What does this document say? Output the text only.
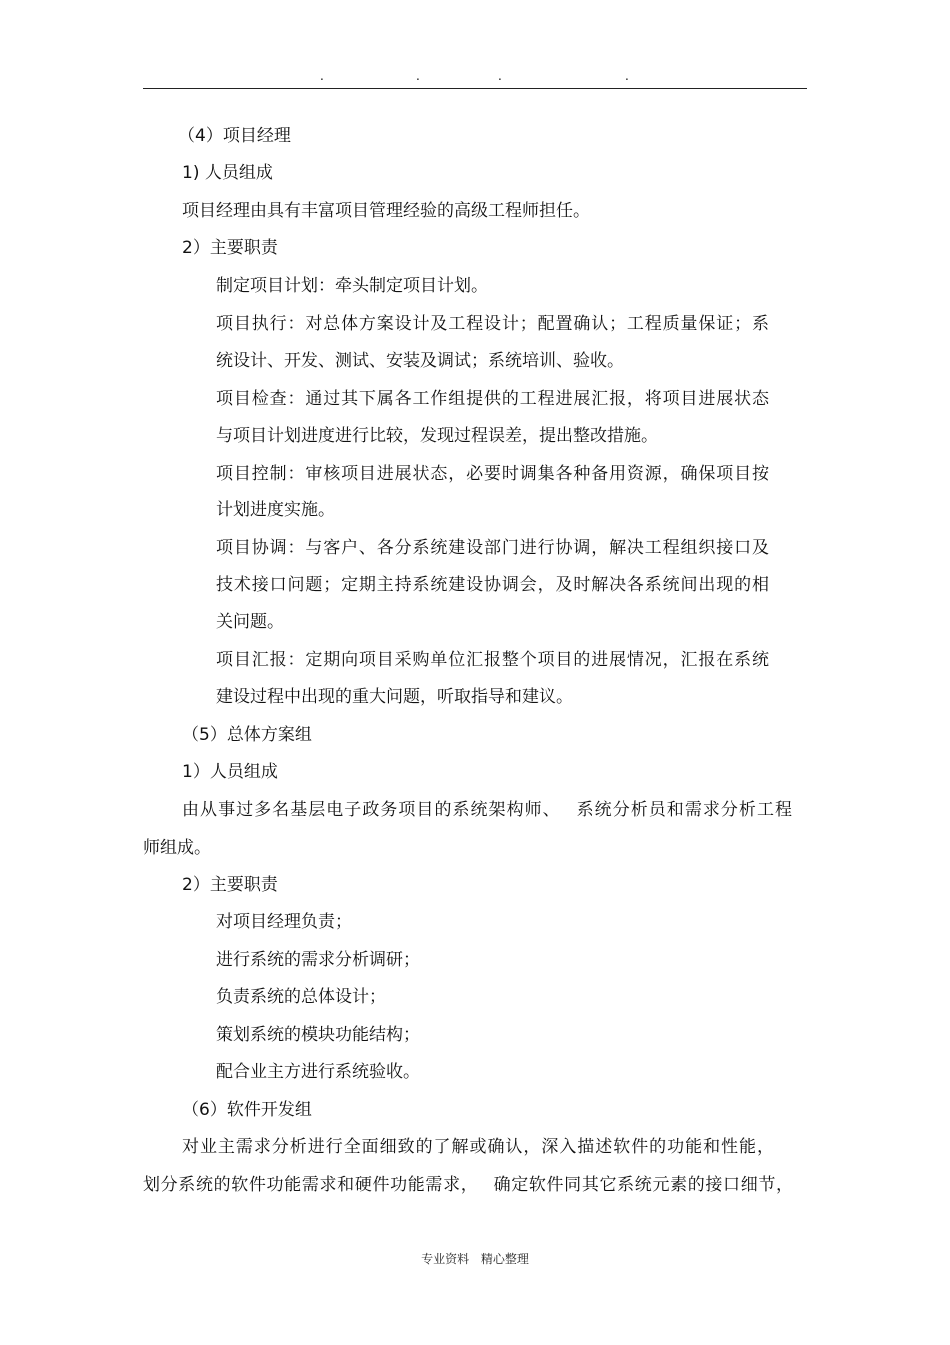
.	.	.	.
（4）项目经理
1) 人员组成
项目经理由具有丰富项目管理经验的高级工程师担任。
2）主要职责
制定项目计划：牵头制定项目计划。
项目执行：对总体方案设计及工程设计；配置确认；工程质量保证；系
统设计、开发、测试、安装及调试；系统培训、验收。
项目检查：通过其下属各工作组提供的工程进展汇报，将项目进展状态
与项目计划进度进行比较，发现过程误差，提出整改措施。
项目控制：审核项目进展状态，必要时调集各种备用资源，确保项目按
计划进度实施。
项目协调：与客户、各分系统建设部门进行协调，解决工程组织接口及
技术接口问题；定期主持系统建设协调会，及时解决各系统间出现的相
关问题。
项目汇报：定期向项目采购单位汇报整个项目的进展情况，汇报在系统
建设过程中出现的重大问题，听取指导和建议。
（5）总体方案组
1）人员组成
由从事过多名基层电子政务项目的系统架构师、　 系统分析员和需求分析工程
师组成。
2）主要职责
对项目经理负责；
进行系统的需求分析调研；
负责系统的总体设计；
策划系统的模块功能结构；
配合业主方进行系统验收。
（6）软件开发组
对业主需求分析进行全面细致的了解或确认，深入描述软件的功能和性能，
划分系统的软件功能需求和硬件功能需求，　 确定软件同其它系统元素的接口细节，
专业资料 精心整理
